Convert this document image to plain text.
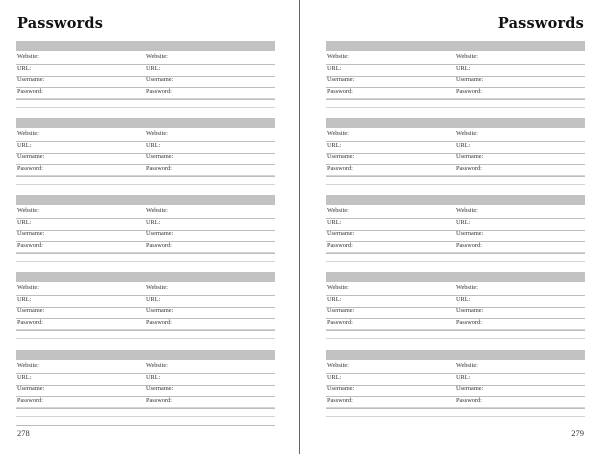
Passwords
Website:	Website:
URL:	URL:
Username:	Username:
Password:	Password:
Website:	Website:
URL:	URL:
Username:	Username:
Password:	Password:
Website:	Website:
URL:	URL:
Username:	Username:
Password:	Password:
Website:	Website:
URL:	URL:
Username:	Username:
Password:	Password:
Website:	Website:
URL:	URL:
Username:	Username:
Password:	Password:
278
Passwords
Website:	Website:
URL:	URL:
Username:	Username:
Password:	Password:
Website:	Website:
URL:	URL:
Username:	Username:
Password:	Password:
Website:	Website:
URL:	URL:
Username:	Username:
Password:	Password:
Website:	Website:
URL:	URL:
Username:	Username:
Password:	Password:
Website:	Website:
URL:	URL:
Username:	Username:
Password:	Password:
279
